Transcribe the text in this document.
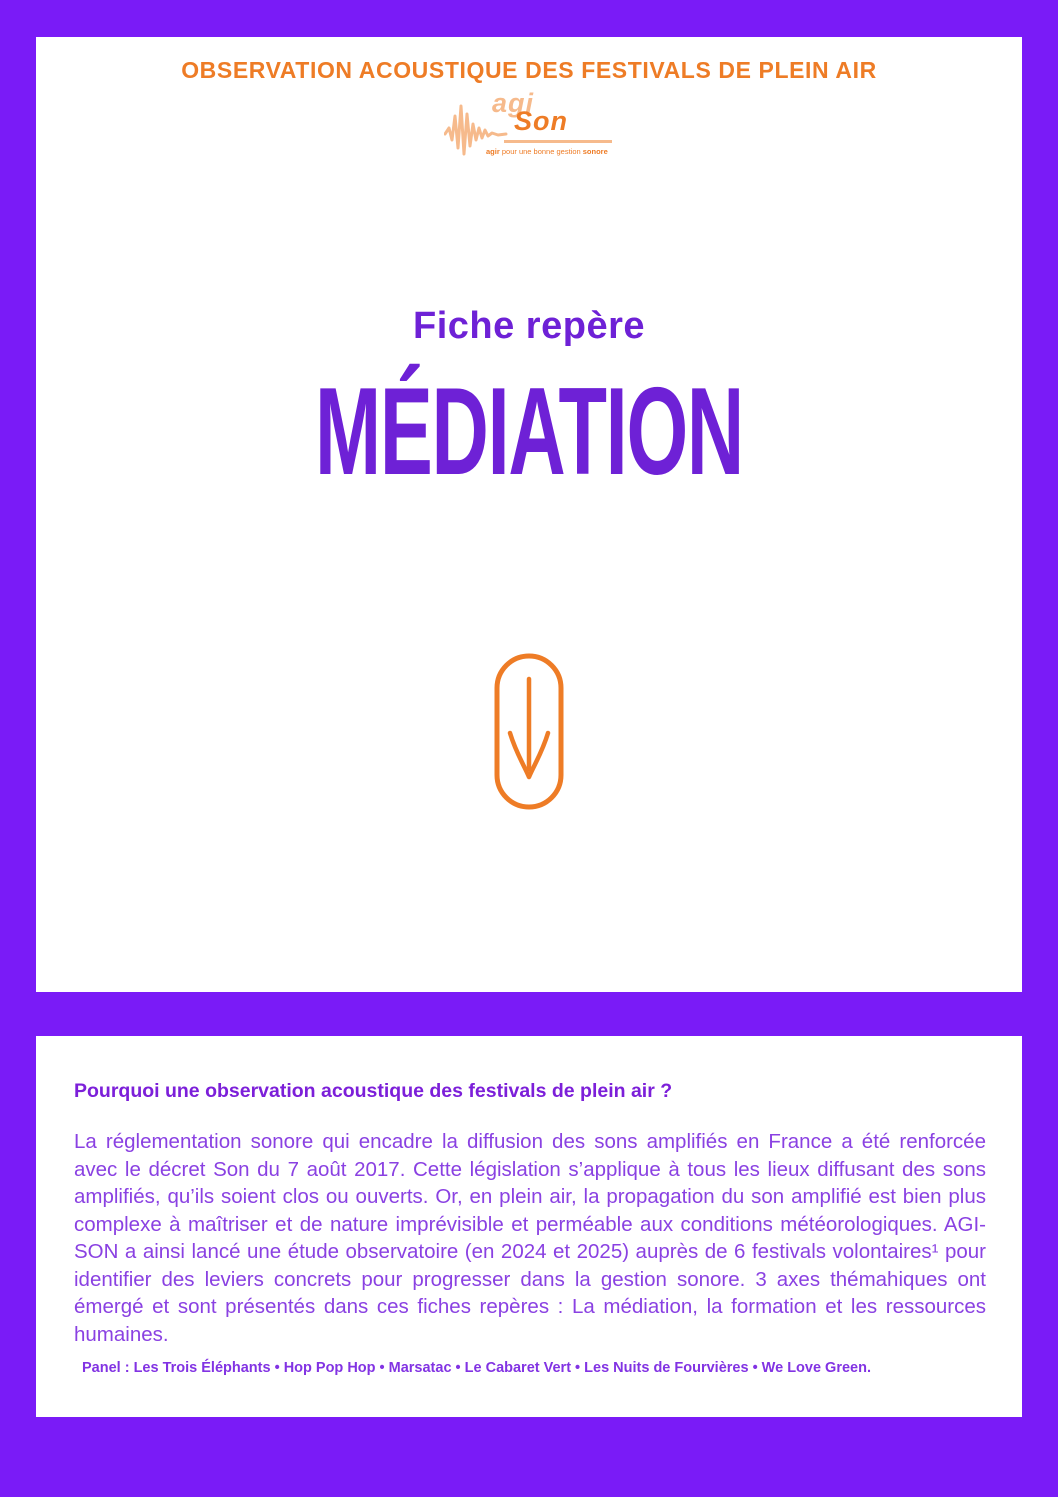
OBSERVATION ACOUSTIQUE DES FESTIVALS DE PLEIN AIR
agi
Son
agir pour une bonne gestion sonore
Fiche repère
MÉDIATION
Pourquoi une observation acoustique des festivals de plein air ?

La réglementation sonore qui encadre la diffusion des sons amplifiés en France a été renforcée avec le décret Son du 7 août 2017. Cette législation s’applique à tous les lieux diffusant des sons amplifiés, qu’ils soient clos ou ouverts. Or, en plein air, la propagation du son amplifié est bien plus complexe à maîtriser et de nature imprévisible et perméable aux conditions météorologiques. AGI-SON a ainsi lancé une étude observatoire (en 2024 et 2025) auprès de 6 festivals volontaires¹ pour identifier des leviers concrets pour progresser dans la gestion sonore. 3 axes thémahiques ont émergé et sont présentés dans ces fiches repères : La médiation, la formation et les ressources humaines.

Panel : Les Trois Éléphants • Hop Pop Hop • Marsatac • Le Cabaret Vert • Les Nuits de Fourvières • We Love Green.
